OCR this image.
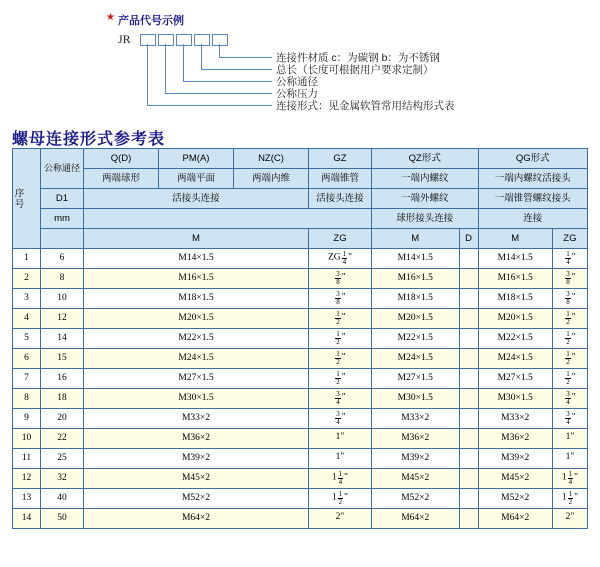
★ 产品代号示例
JR
连接件材质 c：为碳钢 b：为不锈钢
总长（长度可根据用户要求定制）
公称通径
公称压力
连接形式：见金属软管常用结构形式表
螺母连接形式参考表
序号	公称通径	Q(D)	PM(A)	NZ(C)	GZ	QZ形式		QG形式	
		两端球形	两端平面	两端内维	两端锥管	一端内螺纹		一端内螺纹活接头	
	D1	活接头连接			活接头连接	一端外螺纹		一端锥管螺纹接头	
	mm					球形接头连接		连接	
		M			ZG	M	D	M	ZG
1	6	M14×1.5			ZG $\frac{1}{4}$ "	M14×1.5		M14×1.5	$\frac{1}{4}$ "
2	8	M16×1.5			$\frac{3}{8}$ "	M16×1.5		M16×1.5	$\frac{3}{8}$ "
3	10	M18×1.5			$\frac{3}{8}$ "	M18×1.5		M18×1.5	$\frac{3}{8}$ "
4	12	M20×1.5			$\frac{1}{2}$ "	M20×1.5		M20×1.5	$\frac{1}{2}$ "
5	14	M22×1.5			$\frac{1}{2}$ "	M22×1.5		M22×1.5	$\frac{1}{2}$ "
6	15	M24×1.5			$\frac{1}{2}$ "	M24×1.5		M24×1.5	$\frac{1}{2}$ "
7	16	M27×1.5			$\frac{1}{2}$ "	M27×1.5		M27×1.5	$\frac{1}{2}$ "
8	18	M30×1.5			$\frac{3}{4}$ "	M30×1.5		M30×1.5	$\frac{3}{4}$ "
9	20	M33×2			$\frac{3}{4}$ "	M33×2		M33×2	$\frac{3}{4}$ "
10	22	M36×2			1"	M36×2		M36×2	1"
11	25	M39×2			1"	M39×2		M39×2	1"
12	32	M45×2			$1 \frac{1}{4}$ "	M45×2		M45×2	$1 \frac{1}{4}$ "
13	40	M52×2			$1 \frac{1}{2}$ "	M52×2		M52×2	$1 \frac{1}{2}$ "
14	50	M64×2			2"	M64×2		M64×2	2"
